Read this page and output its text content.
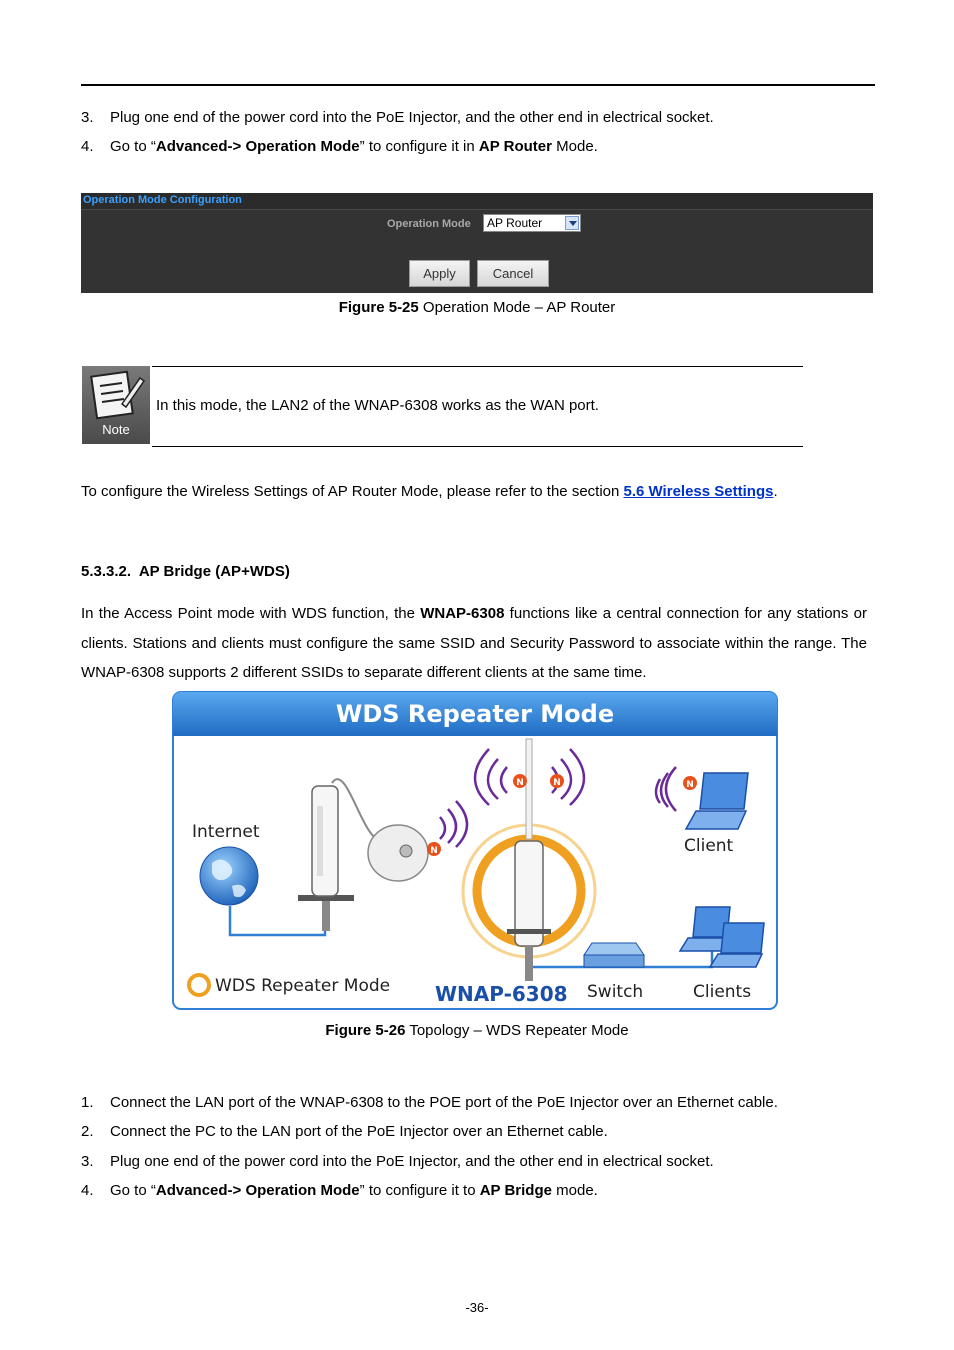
3. Plug one end of the power cord into the PoE Injector, and the other end in electrical socket.
4. Go to “Advanced-> Operation Mode” to configure it in AP Router Mode.
Operation Mode Configuration
Operation Mode AP Router
Apply	Cancel
Figure 5-25 Operation Mode – AP Router
Note
In this mode, the LAN2 of the WNAP-6308 works as the WAN port.
To configure the Wireless Settings of AP Router Mode, please refer to the section 5.6 Wireless Settings.
5.3.3.2. AP Bridge (AP+WDS)
In the Access Point mode with WDS function, the WNAP-6308 functions like a central connection for any stations or clients. Stations and clients must configure the same SSID and Security Password to associate within the range. The WNAP-6308 supports 2 different SSIDs to separate different clients at the same time.
WDS Repeater Mode
Internet
N
N	N	N
Client
WDS Repeater Mode WNAP-6308 Switch	Clients
Figure 5-26 Topology – WDS Repeater Mode
1. Connect the LAN port of the WNAP-6308 to the POE port of the PoE Injector over an Ethernet cable.
2. Connect the PC to the LAN port of the PoE Injector over an Ethernet cable.
3. Plug one end of the power cord into the PoE Injector, and the other end in electrical socket.
4. Go to “Advanced-> Operation Mode” to configure it to AP Bridge mode.
-36-
